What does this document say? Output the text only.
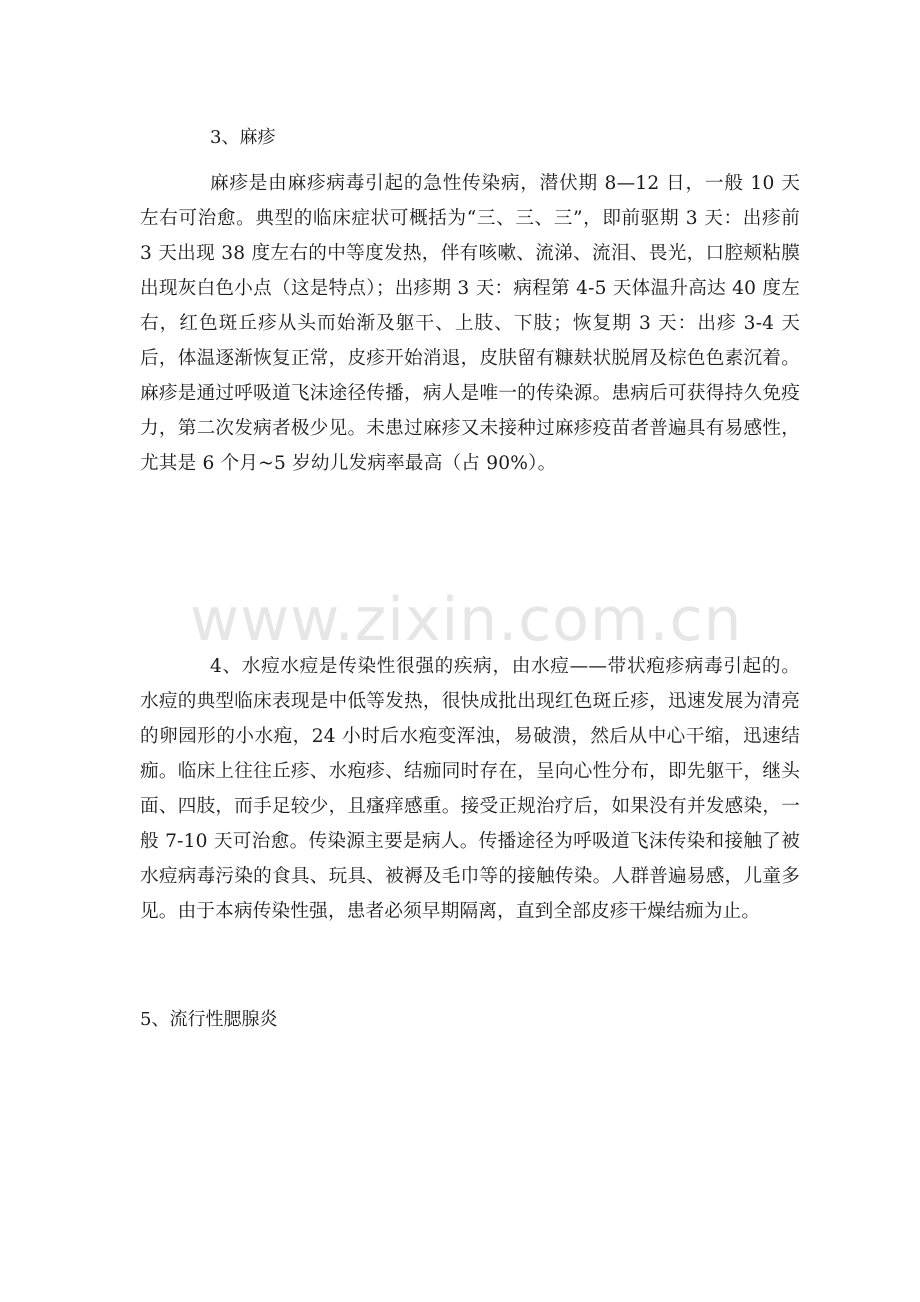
3、麻疹
麻疹是由麻疹病毒引起的急性传染病，潜伏期 8—12 日，一般 10 天左右可治愈。典型的临床症状可概括为“三、三、三”，即前驱期 3 天：出疹前 3 天出现 38 度左右的中等度发热，伴有咳嗽、流涕、流泪、畏光，口腔颊粘膜出现灰白色小点（这是特点）；出疹期 3 天：病程第 4-5 天体温升高达 40 度左右，红色斑丘疹从头而始渐及躯干、上肢、下肢；恢复期 3 天：出疹 3-4 天后，体温逐渐恢复正常，皮疹开始消退，皮肤留有糠麸状脱屑及棕色色素沉着。麻疹是通过呼吸道飞沫途径传播，病人是唯一的传染源。患病后可获得持久免疫力，第二次发病者极少见。未患过麻疹又未接种过麻疹疫苗者普遍具有易感性，尤其是 6 个月~5 岁幼儿发病率最高（占 90%）。
4、水痘水痘是传染性很强的疾病，由水痘——带状疱疹病毒引起的。水痘的典型临床表现是中低等发热，很快成批出现红色斑丘疹，迅速发展为清亮的卵园形的小水疱，24 小时后水疱变浑浊，易破溃，然后从中心干缩，迅速结痂。临床上往往丘疹、水疱疹、结痂同时存在，呈向心性分布，即先躯干，继头面、四肢，而手足较少，且瘙痒感重。接受正规治疗后，如果没有并发感染，一般 7-10 天可治愈。传染源主要是病人。传播途径为呼吸道飞沫传染和接触了被水痘病毒污染的食具、玩具、被褥及毛巾等的接触传染。人群普遍易感，儿童多见。由于本病传染性强，患者必须早期隔离，直到全部皮疹干燥结痂为止。
5、流行性腮腺炎
www.zixin.com.cn
